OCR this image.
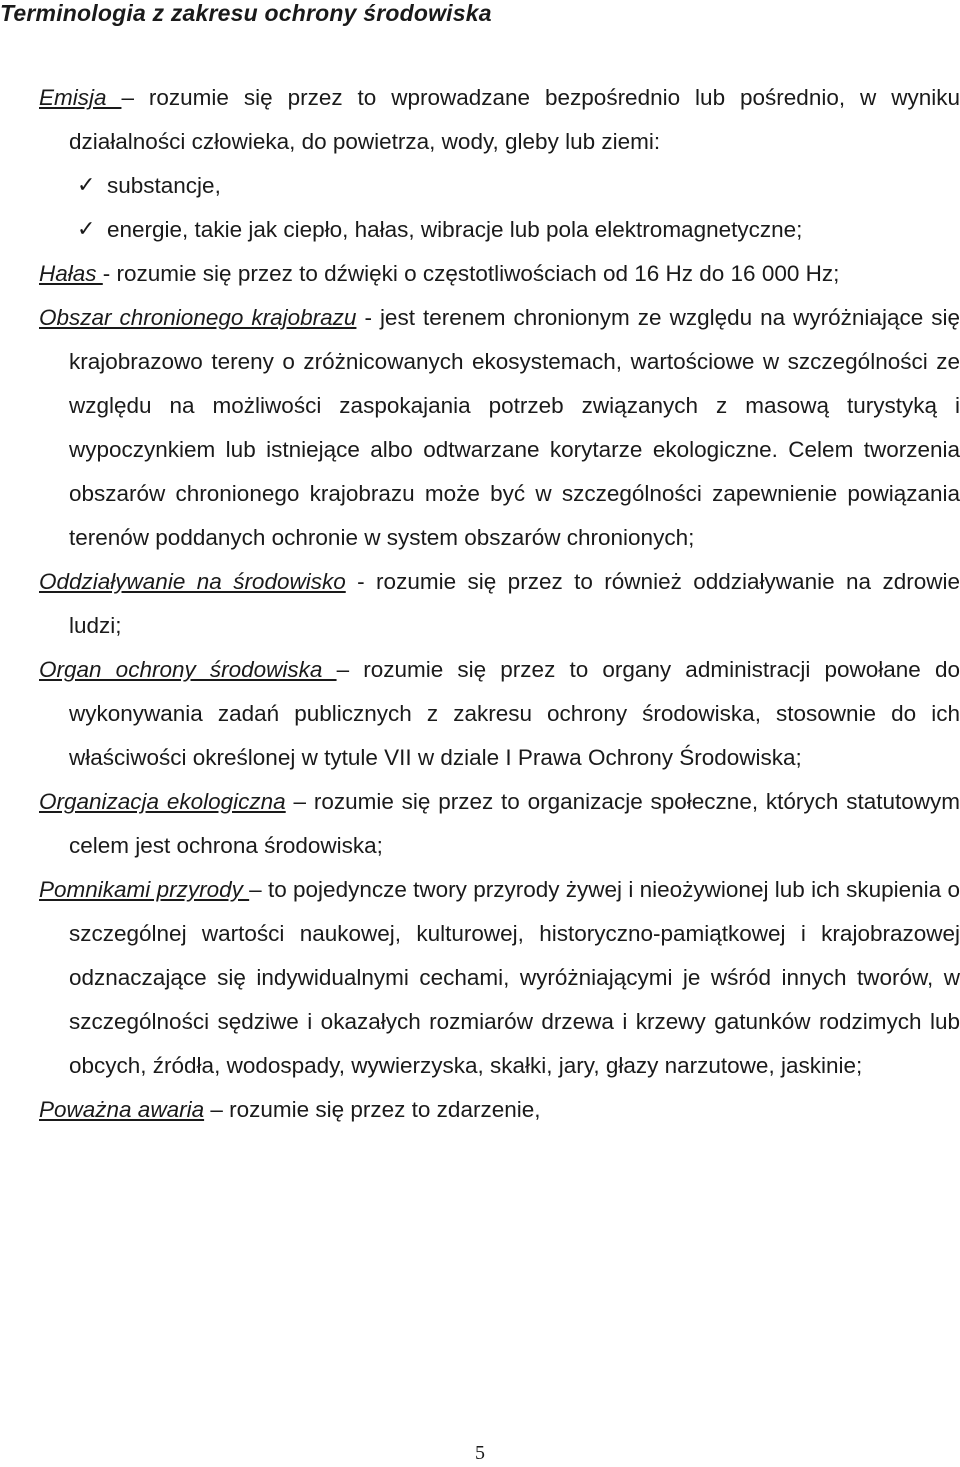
Terminologia z zakresu ochrony środowiska

Emisja – rozumie się przez to wprowadzane bezpośrednio lub pośrednio, w wyniku działalności człowieka, do powietrza, wody, gleby lub ziemi:

✓ substancje,
✓ energie, takie jak ciepło, hałas, wibracje lub pola elektromagnetyczne;

Hałas - rozumie się przez to dźwięki o częstotliwościach od 16 Hz do 16 000 Hz;

Obszar chronionego krajobrazu - jest terenem chronionym ze względu na wyróżniające się krajobrazowo tereny o zróżnicowanych ekosystemach, wartościowe w szczególności ze względu na możliwości zaspokajania potrzeb związanych z masową turystyką i wypoczynkiem lub istniejące albo odtwarzane korytarze ekologiczne. Celem tworzenia obszarów chronionego krajobrazu może być w szczególności zapewnienie powiązania terenów poddanych ochronie w system obszarów chronionych;

Oddziaływanie na środowisko - rozumie się przez to również oddziaływanie na zdrowie ludzi;

Organ ochrony środowiska – rozumie się przez to organy administracji powołane do wykonywania zadań publicznych z zakresu ochrony środowiska, stosownie do ich właściwości określonej w tytule VII w dziale I Prawa Ochrony Środowiska;

Organizacja ekologiczna – rozumie się przez to organizacje społeczne, których statutowym celem jest ochrona środowiska;

Pomnikami przyrody – to pojedyncze twory przyrody żywej i nieożywionej lub ich skupienia o szczególnej wartości naukowej, kulturowej, historyczno-pamiątkowej i krajobrazowej odznaczające się indywidualnymi cechami, wyróżniającymi je wśród innych tworów, w szczególności sędziwe i okazałych rozmiarów drzewa i krzewy gatunków rodzimych lub obcych, źródła, wodospady, wywierzyska, skałki, jary, głazy narzutowe, jaskinie;

Poważna awaria – rozumie się przez to zdarzenie,

5
